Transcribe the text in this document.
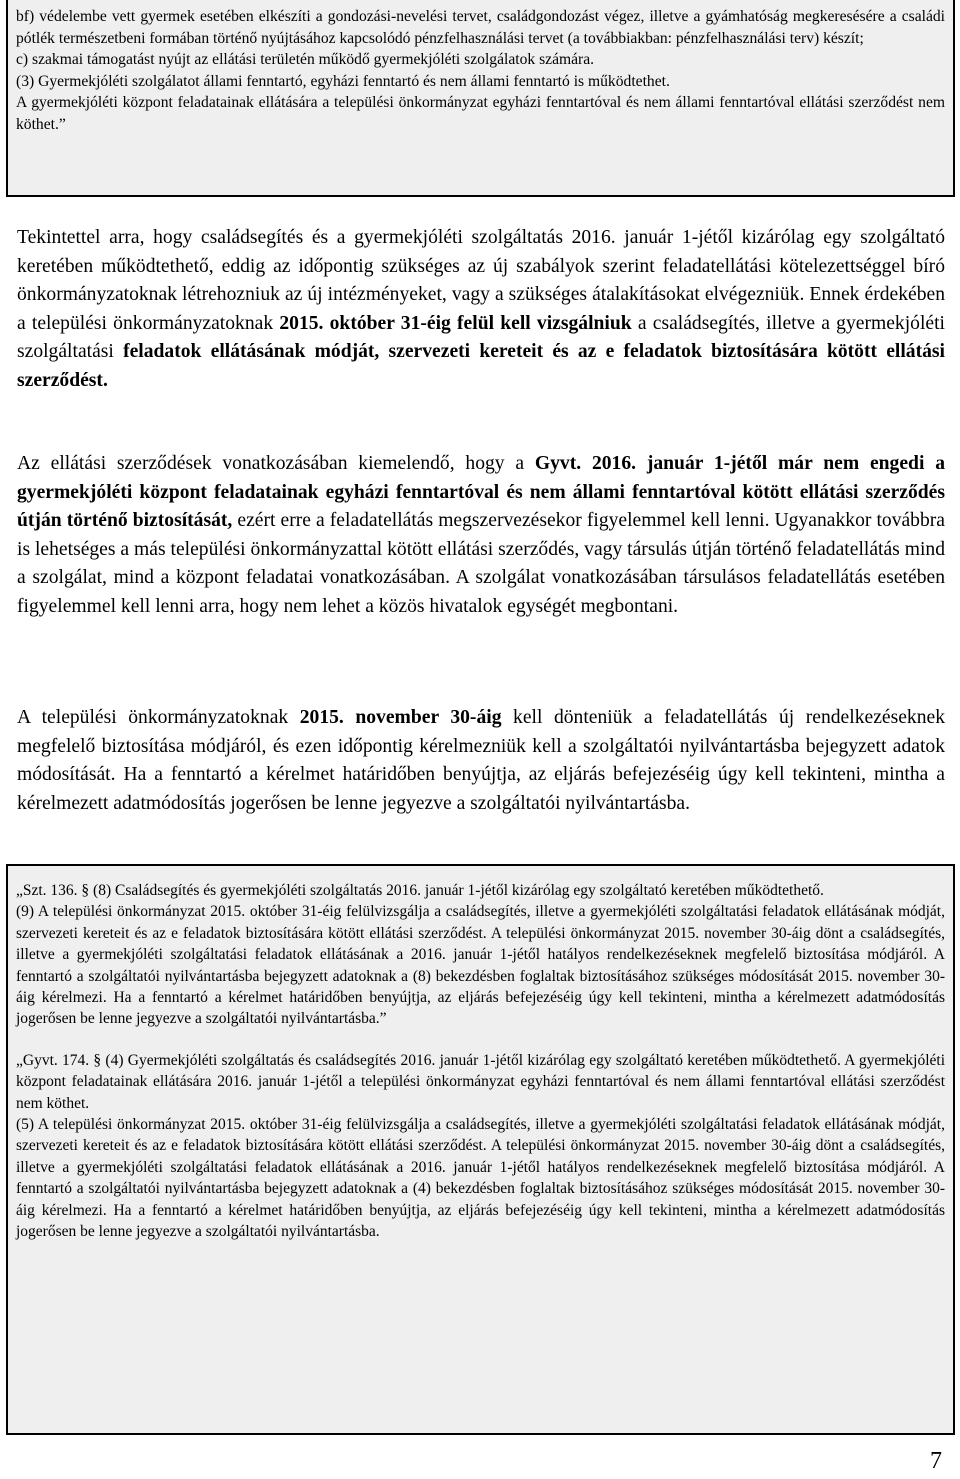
bf) védelembe vett gyermek esetében elkészíti a gondozási-nevelési tervet, családgondozást végez, illetve a gyámhatóság megkeresésére a családi pótlék természetbeni formában történő nyújtásához kapcsolódó pénzfelhasználási tervet (a továbbiakban: pénzfelhasználási terv) készít;

c) szakmai támogatást nyújt az ellátási területén működő gyermekjóléti szolgálatok számára.

(3) Gyermekjóléti szolgálatot állami fenntartó, egyházi fenntartó és nem állami fenntartó is működtethet.

A gyermekjóléti központ feladatainak ellátására a települési önkormányzat egyházi fenntartóval és nem állami fenntartóval ellátási szerződést nem köthet.”

Tekintettel arra, hogy családsegítés és a gyermekjóléti szolgáltatás 2016. január 1-jétől kizárólag egy szolgáltató keretében működtethető, eddig az időpontig szükséges az új szabályok szerint feladatellátási kötelezettséggel bíró önkormányzatoknak létrehozniuk az új intézményeket, vagy a szükséges átalakításokat elvégezniük. Ennek érdekében a települési önkormányzatoknak 2015. október 31-éig felül kell vizsgálniuk a családsegítés, illetve a gyermekjóléti szolgáltatási feladatok ellátásának módját, szervezeti kereteit és az e feladatok biztosítására kötött ellátási szerződést.

Az ellátási szerződések vonatkozásában kiemelendő, hogy a Gyvt. 2016. január 1-jétől már nem engedi a gyermekjóléti központ feladatainak egyházi fenntartóval és nem állami fenntartóval kötött ellátási szerződés útján történő biztosítását, ezért erre a feladatellátás megszervezésekor figyelemmel kell lenni. Ugyanakkor továbbra is lehetséges a más települési önkormányzattal kötött ellátási szerződés, vagy társulás útján történő feladatellátás mind a szolgálat, mind a központ feladatai vonatkozásában. A szolgálat vonatkozásában társulásos feladatellátás esetében figyelemmel kell lenni arra, hogy nem lehet a közös hivatalok egységét megbontani.

A települési önkormányzatoknak 2015. november 30-áig kell dönteniük a feladatellátás új rendelkezéseknek megfelelő biztosítása módjáról, és ezen időpontig kérelmezniük kell a szolgáltatói nyilvántartásba bejegyzett adatok módosítását. Ha a fenntartó a kérelmet határidőben benyújtja, az eljárás befejezéséig úgy kell tekinteni, mintha a kérelmezett adatmódosítás jogerősen be lenne jegyezve a szolgáltatói nyilvántartásba.

„Szt. 136. § (8) Családsegítés és gyermekjóléti szolgáltatás 2016. január 1-jétől kizárólag egy szolgáltató keretében működtethető.

(9) A települési önkormányzat 2015. október 31-éig felülvizsgálja a családsegítés, illetve a gyermekjóléti szolgáltatási feladatok ellátásának módját, szervezeti kereteit és az e feladatok biztosítására kötött ellátási szerződést. A települési önkormányzat 2015. november 30-áig dönt a családsegítés, illetve a gyermekjóléti szolgáltatási feladatok ellátásának a 2016. január 1-jétől hatályos rendelkezéseknek megfelelő biztosítása módjáról. A fenntartó a szolgáltatói nyilvántartásba bejegyzett adatoknak a (8) bekezdésben foglaltak biztosításához szükséges módosítását 2015. november 30-áig kérelmezi. Ha a fenntartó a kérelmet határidőben benyújtja, az eljárás befejezéséig úgy kell tekinteni, mintha a kérelmezett adatmódosítás jogerősen be lenne jegyezve a szolgáltatói nyilvántartásba.”

„Gyvt. 174. § (4) Gyermekjóléti szolgáltatás és családsegítés 2016. január 1-jétől kizárólag egy szolgáltató keretében működtethető. A gyermekjóléti központ feladatainak ellátására 2016. január 1-jétől a települési önkormányzat egyházi fenntartóval és nem állami fenntartóval ellátási szerződést nem köthet.

(5) A települési önkormányzat 2015. október 31-éig felülvizsgálja a családsegítés, illetve a gyermekjóléti szolgáltatási feladatok ellátásának módját, szervezeti kereteit és az e feladatok biztosítására kötött ellátási szerződést. A települési önkormányzat 2015. november 30-áig dönt a családsegítés, illetve a gyermekjóléti szolgáltatási feladatok ellátásának a 2016. január 1-jétől hatályos rendelkezéseknek megfelelő biztosítása módjáról. A fenntartó a szolgáltatói nyilvántartásba bejegyzett adatoknak a (4) bekezdésben foglaltak biztosításához szükséges módosítását 2015. november 30-áig kérelmezi. Ha a fenntartó a kérelmet határidőben benyújtja, az eljárás befejezéséig úgy kell tekinteni, mintha a kérelmezett adatmódosítás jogerősen be lenne jegyezve a szolgáltatói nyilvántartásba.

7
